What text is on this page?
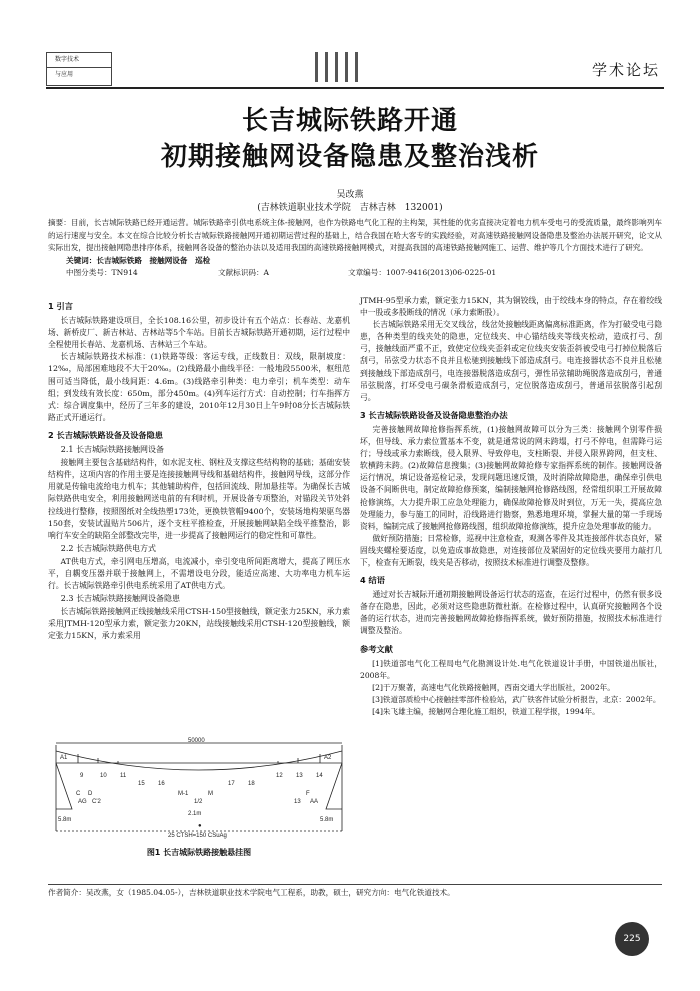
数字技术
与应用	学术论坛
长吉城际铁路开通
初期接触网设备隐患及整治浅析
吴改燕
(吉林铁道职业技术学院　吉林吉林　132001)
摘要：目前，长吉城际铁路已经开通运营。城际铁路牵引供电系统主体-接触网，也作为铁路电气化工程的主构架，其性能的优劣直接决定着电力机车受电弓的受流质量，最终影响列车的运行速度与安全。本文在综合比较分析长吉城际铁路接触网开通初期运营过程的基础上，结合我国在哈大客专的实践经验，对高速铁路接触网设备隐患及整治办法展开研究，论文从实际出发，提出接触网隐患排序体系，接触网各设备的整治办法以及适用我国的高速铁路接触网模式，对提高我国的高速铁路接触网施工、运营、维护等几个方面技术进行了研究。
关键词：长吉城际铁路　接触网设备　巡检
中图分类号：TN914	文献标识码：A	文章编号：1007-9416(2013)06-0225-01
1 引言

长吉城际铁路建设项目，全长108.16公里，初步设计有五个站点：长春站、龙嘉机场、新桥皮厂、新吉林站、吉林站等5个车站。目前长吉城际铁路开通初期，运行过程中全程使用长春站、龙嘉机场、吉林站三个车站。

长吉城际铁路技术标准：(1)铁路等级：客运专线，正线数目：双线，限制坡度：12‰，局部困难地段不大于20‰。(2)线路最小曲线半径：一般地段5500米，枢纽范围可适当降低，最小线间距：4.6m。(3)线路牵引种类：电力牵引；机车类型：动车组；到发线有效长度：650m，部分450m。(4)列车运行方式：自动控制；行车指挥方式：综合调度集中，经历了三年多的建设，2010年12月30日上午9时08分长吉城际铁路正式开通运行。

2 长吉城际铁路设备及设备隐患
2.1 长吉城际铁路接触网设备

接触网主要包含基础结构件，如水泥支柱、钢柱及支撑这些结构物的基础；基础安装结构件，这项内容的作用主要是连接接触网导线和基础结构件，接触网导线，这部分作用就是传输电流给电力机车；其他辅助构件，包括回流线、附加悬挂等。为确保长吉城际铁路供电安全，利用接触网送电前的有利时机，开展设备专项整治，对锚段关节处斜拉线进行整修，按照图纸对全线热塑173处，更换铁管帽9400个，安装场地构架驱鸟器150套，安装试温贴片506片，逐个支柱平推检查，开展接触网缺陷全线平推整治，影响行车安全的缺陷全部整改完毕，进一步提高了接触网运行的稳定性和可靠性。

2.2 长吉城际铁路供电方式

AT供电方式，牵引网电压增高，电流减小，牵引变电所间距离增大，提高了网压水平，自耦变压器并联于接触网上，不需增设电分段，能适应高速、大功率电力机车运行。长吉城际铁路牵引供电系统采用了AT供电方式。

2.3 长吉城际铁路接触网设备隐患

长吉城际铁路接触网正线接触线采用CTSH-150型接触线，额定张力25KN，承力索采用JTMH-120型承力索，额定张力20KN，站线接触线采用CTSH-120型接触线，额定张力15KN，承力索采用

50000
A1	A2
9	10 11	12 13 14
15 16	17 18
C D	F
AG	AA
C'2	13
M-1	M
1/2
●
5.8m	5.8m
2.1m
25 CTSH=150 CSuAg
图1 长吉城际铁路接触悬挂图

JTMH-95型承力索，额定张力15KN，其为铜铰线，由于绞线本身的特点，存在着绞线中一股或多股断线的情况（承力索断股）。

长吉城际铁路采用无交叉线岔，线岔处接触线距离偏离标准距离，作为打破受电弓隐患，各种类型的线夹处的隐患，定位线夹、中心锚结线夹等线夹松动，造成打弓、刮弓，接触线面严重不正，致使定位线夹歪斜或定位线夹安装歪斜被受电弓打掉位脱落后刮弓，吊弦受力状态不良并且松驰到接触线下部造成刮弓。电连接器状态不良并且松驰到接触线下部造成刮弓，电连接器脱落造成刮弓，弹性吊弦辅助绳脱落造成刮弓，普通吊弦脱落，打坏受电弓碳条滑板造成刮弓，定位脱落造成刮弓，普通吊弦脱落引起刮弓。

3 长吉城际铁路设备及设备隐患整治办法

完善接触网故障抢修指挥系统，(1)接触网故障可以分为三类：接触网个别零件损坏，但导线、承力索位置基本不变，就是通常说的网未跨塌，打弓不停电，但需降弓运行；导线或承力索断线，侵入限界、导致停电，支柱断裂、并侵入限界跨网，但支柱、软横跨未跨。(2)故障信息搜集；(3)接触网故障抢修专家指挥系统的制作。接触网设备运行情况，填记设备巡检记录，发现问题迅速反馈，及时消除故障隐患，确保牵引供电设备不间断供电，制定故障抢修预案，编制接触网抢修路线图，经常组织职工开展故障抢修演练，大力提升职工应急处理能力，确保故障抢修及时到位，万无一失，提高应急处理能力，参与施工的同时，沿线路进行勘察，熟悉地理环境，掌握大量的第一手现场资料，编制完成了接触网抢修路线图，组织故障抢修演练，提升应急处理事故的能力。

做好预防措施；日常检修，巡视中注意检查，观测各零件及其连接部件状态良好，紧固线夹螺栓要适度，以免造成事故隐患，对连接部位及紧固好的定位线夹要用力敲打几下，检查有无断裂，线夹是否移动，按照技术标准进行调整及整修。

4 结语

通过对长吉城际开通初期接触网设备运行状态的巡查，在运行过程中，仍然有很多设备存在隐患，因此，必须对这些隐患防微杜渐。在检修过程中，认真研究接触网各个设备的运行状态，进而完善接触网故障抢修指挥系统，做好预防措施，按照技术标准进行调整及整治。

参考文献

[1]铁道部电气化工程局电气化勘测设计处.电气化铁道设计手册，中国铁道出版社，2008年。

[2]于万聚著，高速电气化铁路接触网，西南交通大学出版社，2002年。

[3]铁道部质检中心接触挂零部件检验站，武广铁客件试验分析报告，北京：2002年。

[4]朱飞雄主编，接触网合理化施工组织，铁道工程学报，1994年。

作者简介：吴改燕，女（1985.04.05-），吉林铁道职业技术学院电气工程系，助教，硕士，研究方向：电气化铁道技术。
225
